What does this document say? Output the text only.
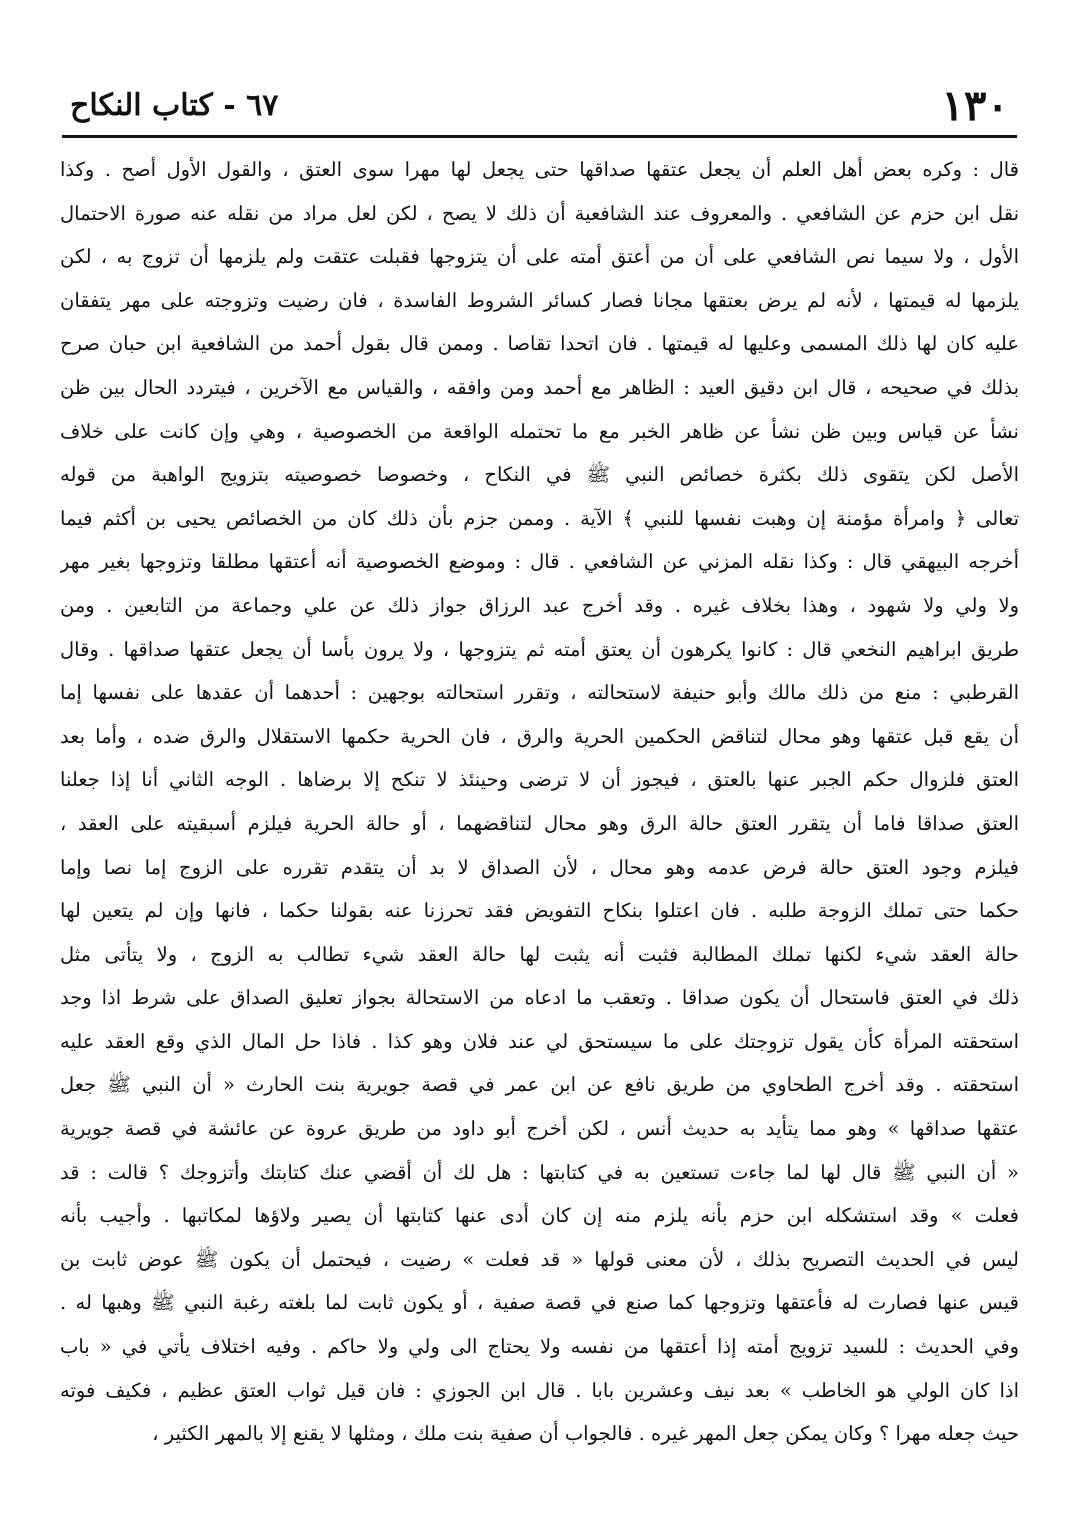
١٣٠
٦٧ - كتاب النكاح
قال : وكره بعض أهل العلم أن يجعل عتقها صداقها حتى يجعل لها مهرا سوى العتق ، والقول الأول أصح . وكذا
نقل ابن حزم عن الشافعي . والمعروف عند الشافعية أن ذلك لا يصح ، لكن لعل مراد من نقله عنه صورة الاحتمال
الأول ، ولا سيما نص الشافعي على أن من أعتق أمته على أن يتزوجها فقبلت عتقت ولم يلزمها أن تزوج به ، لكن
يلزمها له قيمتها ، لأنه لم يرض بعتقها مجانا فصار كسائر الشروط الفاسدة ، فان رضيت وتزوجته على مهر يتفقان
عليه كان لها ذلك المسمى وعليها له قيمتها . فان اتحدا تقاصا . وممن قال بقول أحمد من الشافعية ابن حبان صرح
بذلك في صحيحه ، قال ابن دقيق العيد : الظاهر مع أحمد ومن وافقه ، والقياس مع الآخرين ، فيتردد الحال بين ظن
نشأ عن قياس وبين ظن نشأ عن ظاهر الخبر مع ما تحتمله الواقعة من الخصوصية ، وهي وإن كانت على خلاف
الأصل لكن يتقوى ذلك بكثرة خصائص النبي ﷺ في النكاح ، وخصوصا خصوصيته بتزويج الواهبة من قوله
تعالى ﴿ وامرأة مؤمنة إن وهبت نفسها للنبي ﴾ الآية . وممن جزم بأن ذلك كان من الخصائص يحيى بن أكثم فيما
أخرجه البيهقي قال : وكذا نقله المزني عن الشافعي . قال : وموضع الخصوصية أنه أعتقها مطلقا وتزوجها بغير مهر
ولا ولي ولا شهود ، وهذا بخلاف غيره . وقد أخرج عبد الرزاق جواز ذلك عن علي وجماعة من التابعين . ومن
طريق ابراهيم النخعي قال : كانوا يكرهون أن يعتق أمته ثم يتزوجها ، ولا يرون بأسا أن يجعل عتقها صداقها . وقال
القرطبي : منع من ذلك مالك وأبو حنيفة لاستحالته ، وتقرر استحالته بوجهين : أحدهما أن عقدها على نفسها إما
أن يقع قبل عتقها وهو محال لتناقض الحكمين الحرية والرق ، فان الحرية حكمها الاستقلال والرق ضده ، وأما بعد
العتق فلزوال حكم الجبر عنها بالعتق ، فيجوز أن لا ترضى وحينئذ لا تنكح إلا برضاها . الوجه الثاني أنا إذا جعلنا
العتق صداقا فاما أن يتقرر العتق حالة الرق وهو محال لتناقضهما ، أو حالة الحرية فيلزم أسبقيته على العقد ،
فيلزم وجود العتق حالة فرض عدمه وهو محال ، لأن الصداق لا بد أن يتقدم تقرره على الزوج إما نصا وإما
حكما حتى تملك الزوجة طلبه . فان اعتلوا بنكاح التفويض فقد تحرزنا عنه بقولنا حكما ، فانها وإن لم يتعين لها
حالة العقد شيء لكنها تملك المطالبة فثبت أنه يثبت لها حالة العقد شيء تطالب به الزوج ، ولا يتأتى مثل
ذلك في العتق فاستحال أن يكون صداقا . وتعقب ما ادعاه من الاستحالة بجواز تعليق الصداق على شرط اذا وجد
استحقته المرأة كأن يقول تزوجتك على ما سيستحق لي عند فلان وهو كذا . فاذا حل المال الذي وقع العقد عليه
استحقته . وقد أخرج الطحاوي من طريق نافع عن ابن عمر في قصة جويرية بنت الحارث « أن النبي ﷺ جعل
عتقها صداقها » وهو مما يتأيد به حديث أنس ، لكن أخرج أبو داود من طريق عروة عن عائشة في قصة جويرية
« أن النبي ﷺ قال لها لما جاءت تستعين به في كتابتها : هل لك أن أقضي عنك كتابتك وأتزوجك ؟ قالت : قد
فعلت » وقد استشكله ابن حزم بأنه يلزم منه إن كان أدى عنها كتابتها أن يصير ولاؤها لمكاتبها . وأجيب بأنه
ليس في الحديث التصريح بذلك ، لأن معنى قولها « قد فعلت » رضيت ، فيحتمل أن يكون ﷺ عوض ثابت بن
قيس عنها فصارت له فأعتقها وتزوجها كما صنع في قصة صفية ، أو يكون ثابت لما بلغته رغبة النبي ﷺ وهبها له .
وفي الحديث : للسيد تزويج أمته إذا أعتقها من نفسه ولا يحتاج الى ولي ولا حاكم . وفيه اختلاف يأتي في « باب
اذا كان الولي هو الخاطب » بعد نيف وعشرين بابا . قال ابن الجوزي : فان قيل ثواب العتق عظيم ، فكيف فوته
حيث جعله مهرا ؟ وكان يمكن جعل المهر غيره . فالجواب أن صفية بنت ملك ، ومثلها لا يقنع إلا بالمهر الكثير ،
